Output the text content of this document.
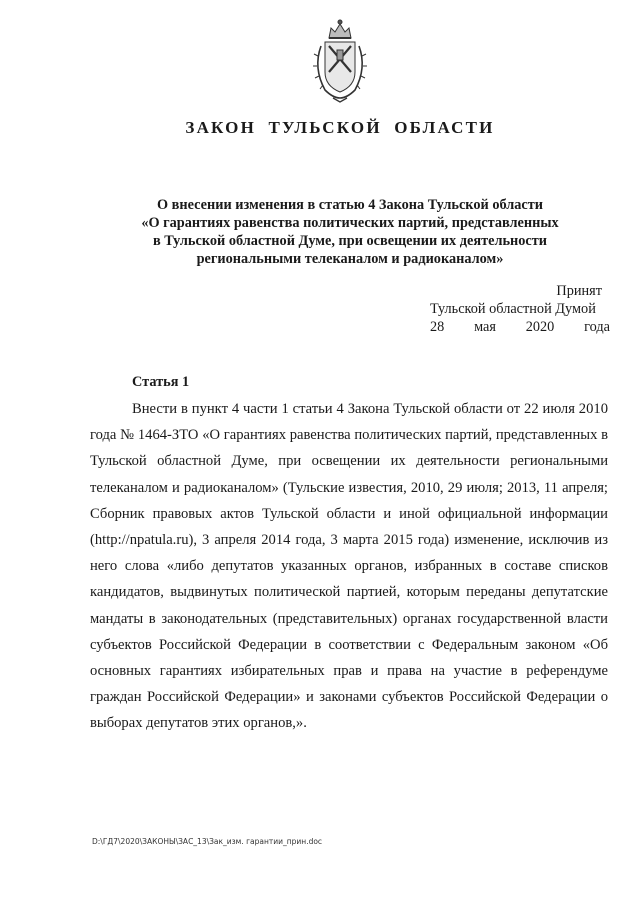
ЗАКОН ТУЛЬСКОЙ ОБЛАСТИ
О внесении изменения в статью 4 Закона Тульской области
«О гарантиях равенства политических партий, представленных
в Тульской областной Думе, при освещении их деятельности
региональными телеканалом и радиоканалом»
Принят
Тульской областной Думой
28 мая 2020 года
Статья 1
Внести в пункт 4 части 1 статьи 4 Закона Тульской области от 22 июля 2010 года № 1464-ЗТО «О гарантиях равенства политических партий, представленных в Тульской областной Думе, при освещении их деятельности региональными телеканалом и радиоканалом» (Тульские известия, 2010, 29 июля; 2013, 11 апреля; Сборник правовых актов Тульской области и иной официальной информации (http://npatula.ru), 3 апреля 2014 года, 3 марта 2015 года) изменение, исключив из него слова «либо депутатов указанных органов, избранных в составе списков кандидатов, выдвинутых политической партией, которым переданы депутатские мандаты в законодательных (представительных) органах государственной власти субъектов Российской Федерации в соответствии с Федеральным законом «Об основных гарантиях избирательных прав и права на участие в референдуме граждан Российской Федерации» и законами субъектов Российской Федерации о выборах депутатов этих органов,».
D:\ГД7\2020\ЗАКОНЫ\ЗАС_13\Зак_изм. гарантии_прин.doc
